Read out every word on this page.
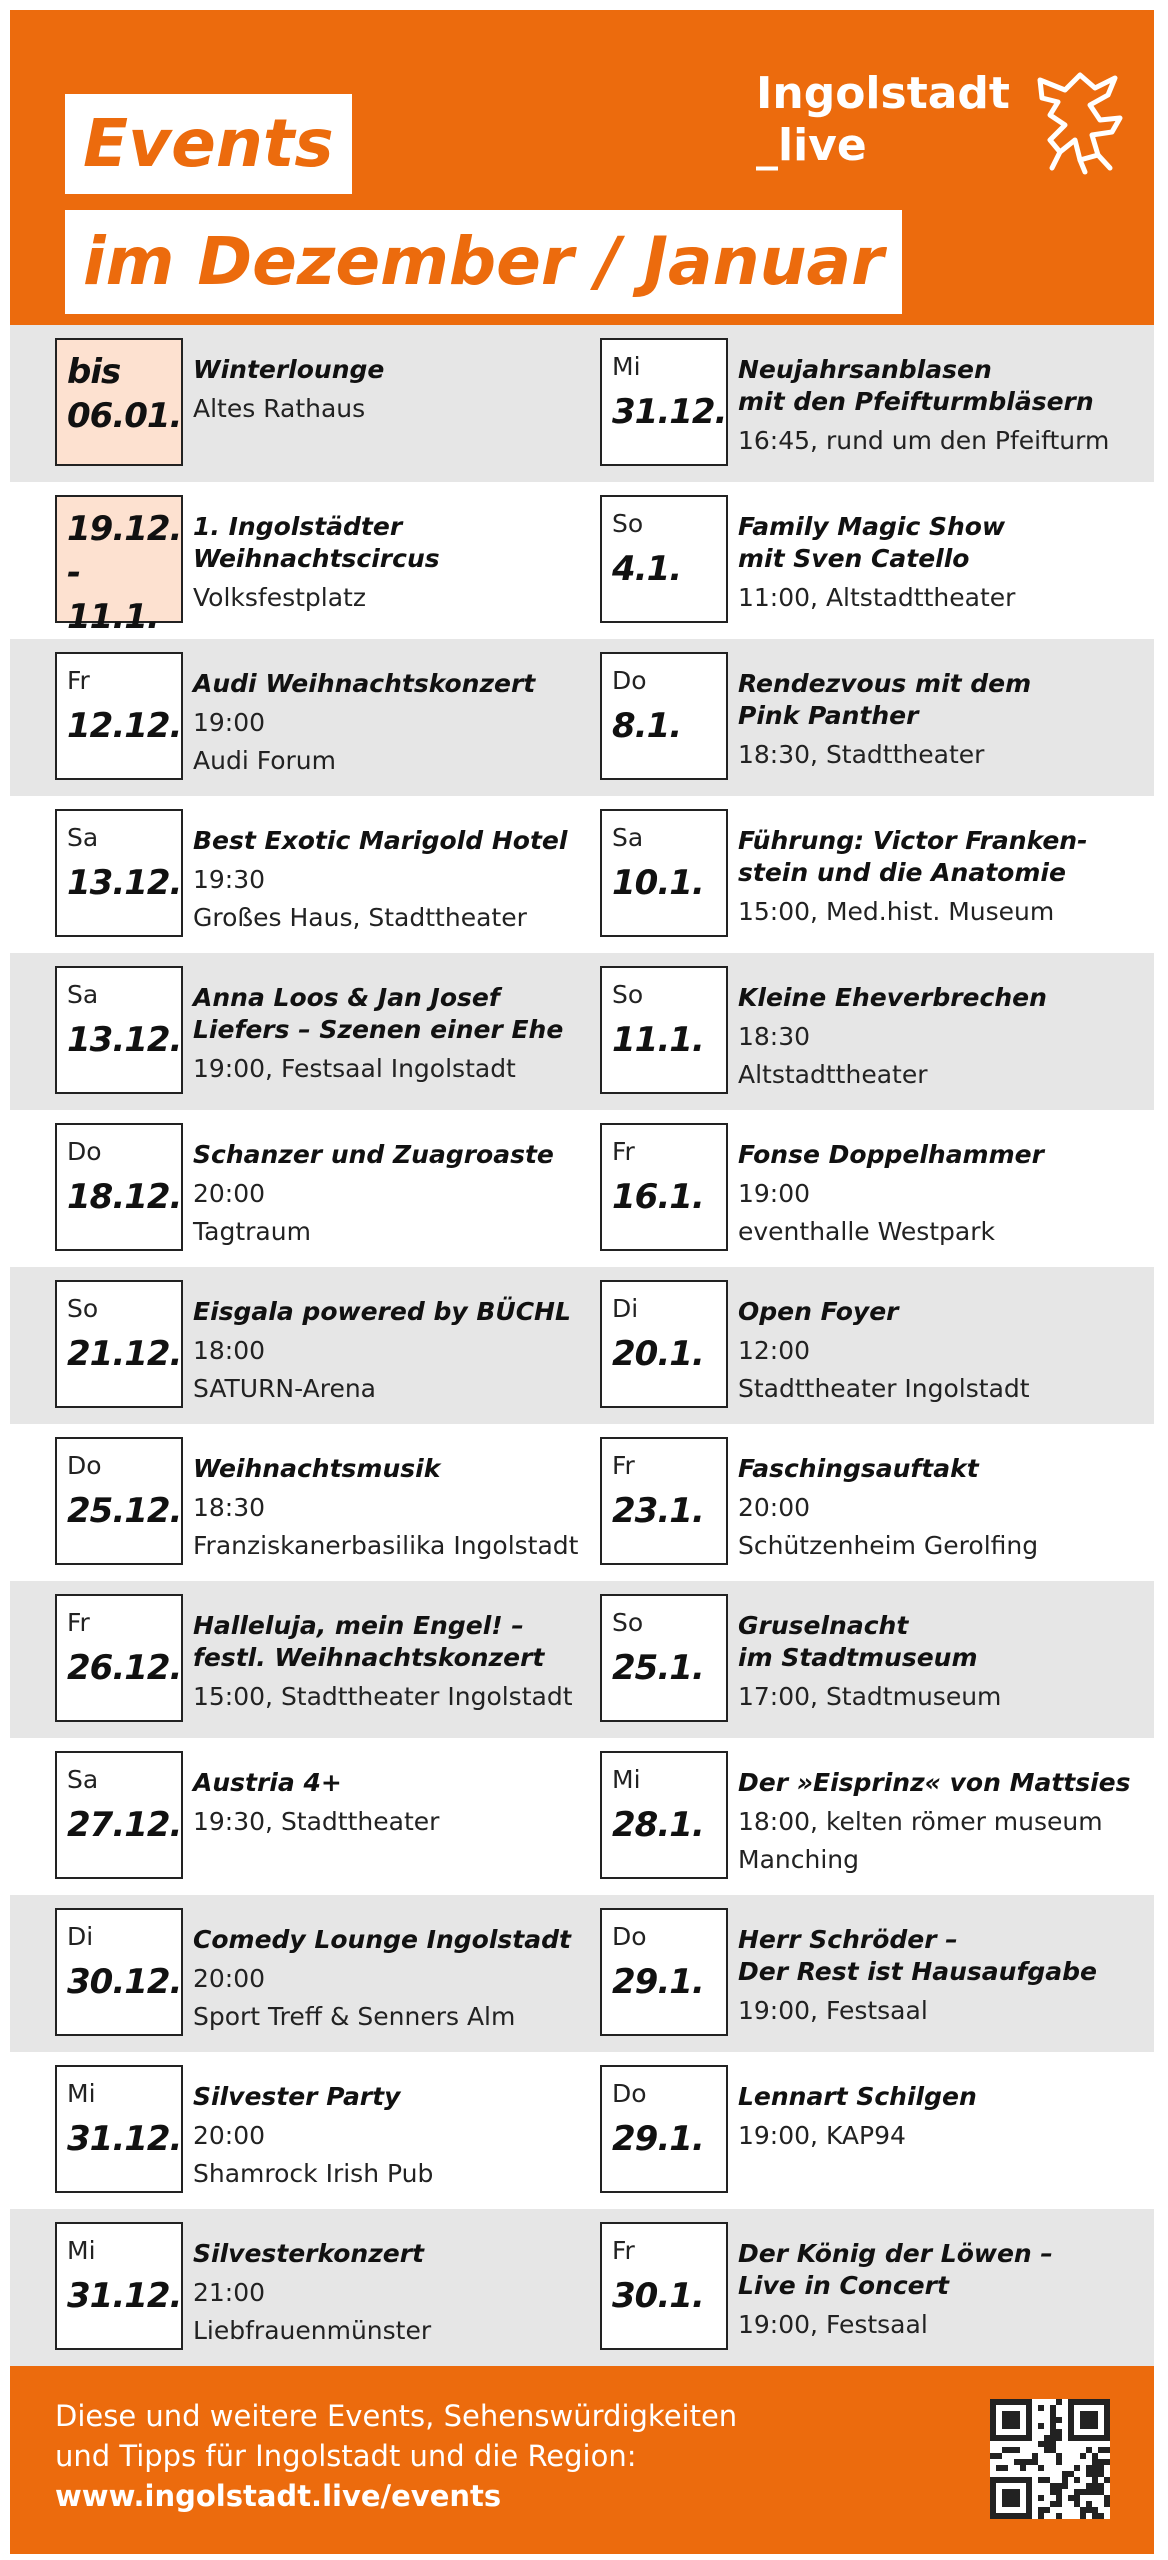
Events
im Dezember / Januar
Ingolstadt
_live
bis
06.01.
Winterlounge
Altes Rathaus
Mi
31.12.
Neujahrsanblasen
mit den Pfeifturmbläsern
16:45, rund um den Pfeifturm
19.12.
- 11.1.
1. Ingolstädter
Weihnachtscircus
Volksfestplatz
So
4.1.
Family Magic Show
mit Sven Catello
11:00, Altstadttheater
Fr
12.12.
Audi Weihnachtskonzert
19:00
Audi Forum
Do
8.1.
Rendezvous mit dem
Pink Panther
18:30, Stadttheater
Sa
13.12.
Best Exotic Marigold Hotel
19:30
Großes Haus, Stadttheater
Sa
10.1.
Führung: Victor Franken-
stein und die Anatomie
15:00, Med.hist. Museum
Sa
13.12.
Anna Loos & Jan Josef
Liefers – Szenen einer Ehe
19:00, Festsaal Ingolstadt
So
11.1.
Kleine Eheverbrechen
18:30
Altstadttheater
Do
18.12.
Schanzer und Zuagroaste
20:00
Tagtraum
Fr
16.1.
Fonse Doppelhammer
19:00
eventhalle Westpark
So
21.12.
Eisgala powered by BÜCHL
18:00
SATURN-Arena
Di
20.1.
Open Foyer
12:00
Stadttheater Ingolstadt
Do
25.12.
Weihnachtsmusik
18:30
Franziskanerbasilika Ingolstadt
Fr
23.1.
Faschingsauftakt
20:00
Schützenheim Gerolfing
Fr
26.12.
Halleluja, mein Engel! –
festl. Weihnachtskonzert
15:00, Stadttheater Ingolstadt
So
25.1.
Gruselnacht
im Stadtmuseum
17:00, Stadtmuseum
Sa
27.12.
Austria 4+
19:30, Stadttheater
Mi
28.1.
Der »Eisprinz« von Mattsies
18:00, kelten römer museum
Manching
Di
30.12.
Comedy Lounge Ingolstadt
20:00
Sport Treff & Senners Alm
Do
29.1.
Herr Schröder –
Der Rest ist Hausaufgabe
19:00, Festsaal
Mi
31.12.
Silvester Party
20:00
Shamrock Irish Pub
Do
29.1.
Lennart Schilgen
19:00, KAP94
Mi
31.12.
Silvesterkonzert
21:00
Liebfrauenmünster
Fr
30.1.
Der König der Löwen –
Live in Concert
19:00, Festsaal
Diese und weitere Events, Sehenswürdigkeiten
und Tipps für Ingolstadt und die Region:
www.ingolstadt.live/events
